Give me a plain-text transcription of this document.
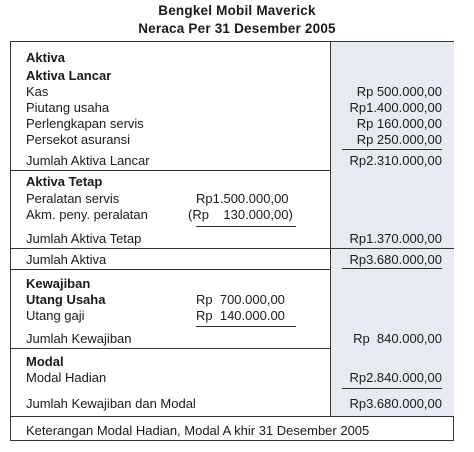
Bengkel Mobil Maverick
Neraca Per 31 Desember 2005
Aktiva
Aktiva Lancar
Kas	Rp 500.000,00
Piutang usaha	Rp1.400.000,00
Perlengkapan servis	Rp 160.000,00
Persekot asuransi	Rp 250.000,00
Jumlah Aktiva Lancar	Rp2.310.000,00
Aktiva Tetap
Peralatan servis	Rp1.500.000,00
Akm. peny. peralatan	(Rp    130.000,00)
Jumlah Aktiva Tetap	Rp1.370.000,00
Jumlah Aktiva	Rp3.680.000,00
Kewajiban
Utang Usaha	Rp  700.000,00
Utang gaji	Rp  140.000.00
Jumlah Kewajiban	Rp  840.000,00
Modal
Modal Hadian	Rp2.840.000,00
Jumlah Kewajiban dan Modal	Rp3.680.000,00
Keterangan Modal Hadian, Modal A khir 31 Desember 2005
